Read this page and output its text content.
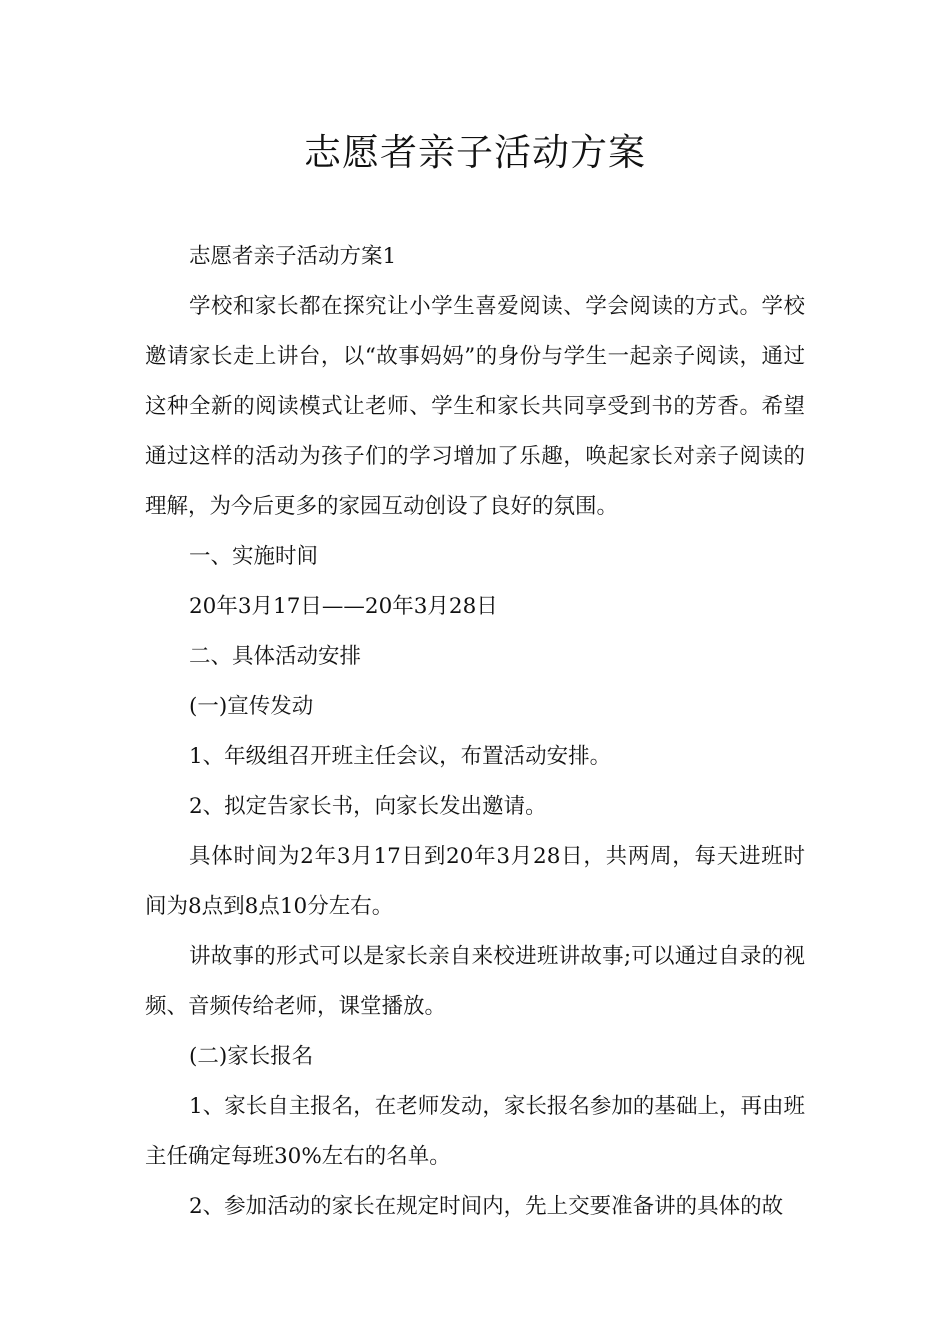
志愿者亲子活动方案

志愿者亲子活动方案1

学校和家长都在探究让小学生喜爱阅读、学会阅读的方式。学校邀请家长走上讲台，以“故事妈妈”的身份与学生一起亲子阅读，通过这种全新的阅读模式让老师、学生和家长共同享受到书的芳香。希望通过这样的活动为孩子们的学习增加了乐趣，唤起家长对亲子阅读的理解，为今后更多的家园互动创设了良好的氛围。

一、实施时间

20年3月17日——20年3月28日

二、具体活动安排

(一)宣传发动

1、年级组召开班主任会议，布置活动安排。

2、拟定告家长书，向家长发出邀请。

具体时间为2年3月17日到20年3月28日，共两周，每天进班时间为8点到8点10分左右。

讲故事的形式可以是家长亲自来校进班讲故事;可以通过自录的视频、音频传给老师，课堂播放。

(二)家长报名

1、家长自主报名，在老师发动，家长报名参加的基础上，再由班主任确定每班30%左右的名单。

2、参加活动的家长在规定时间内，先上交要准备讲的具体的故
